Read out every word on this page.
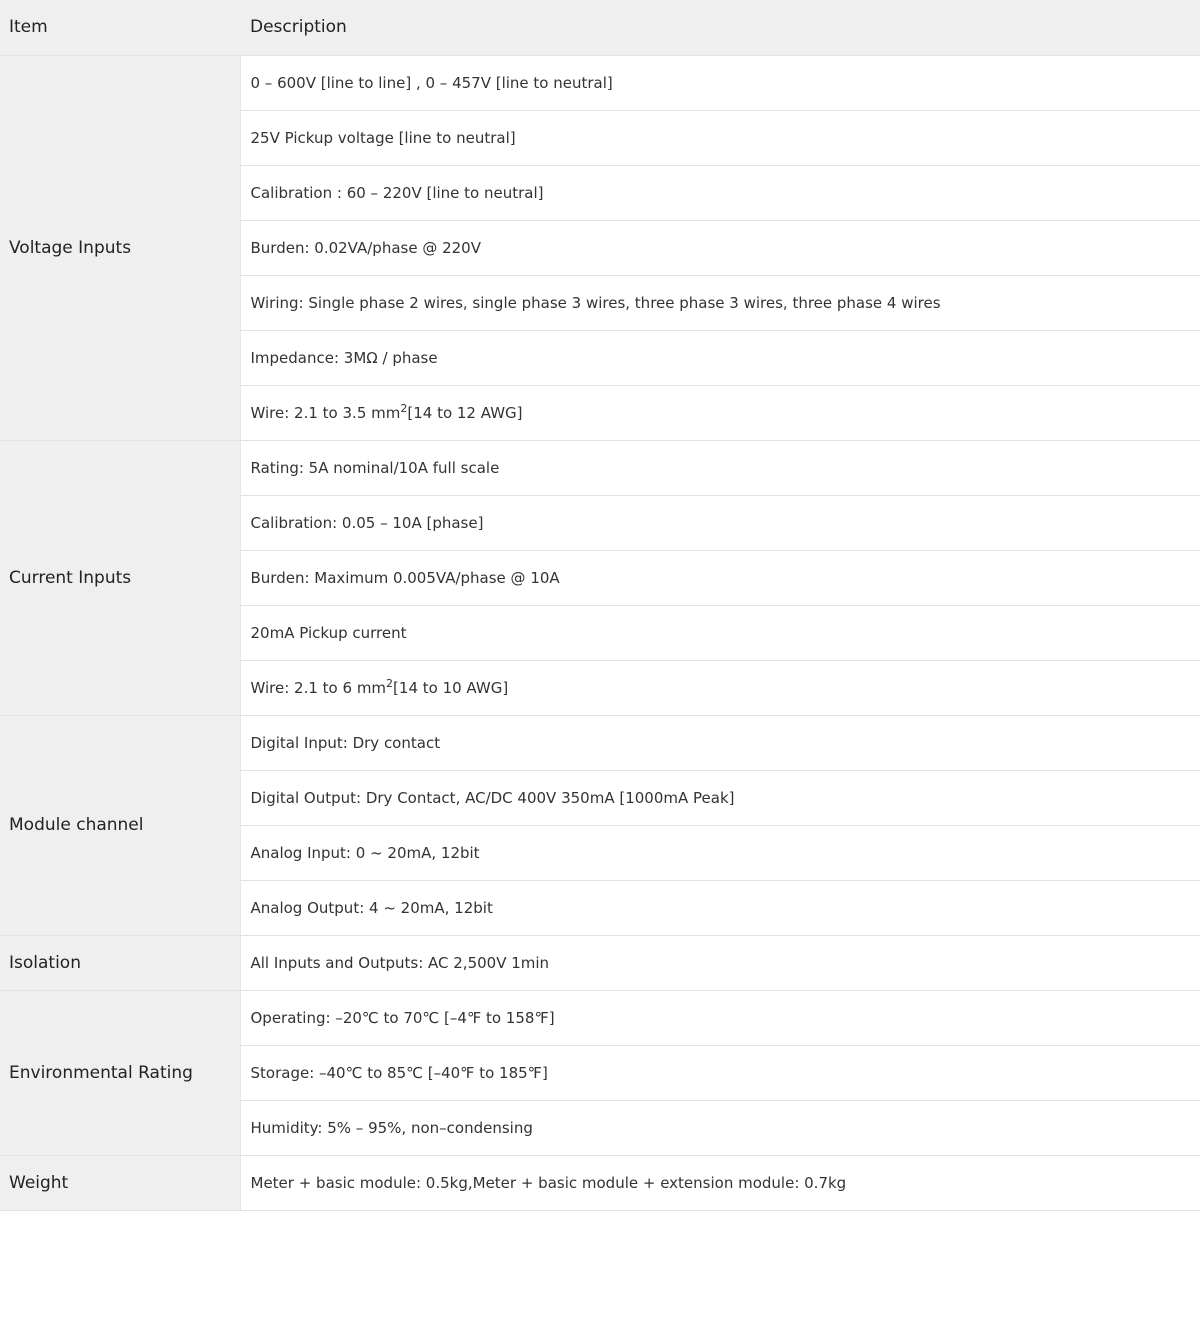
Item	Description
Voltage Inputs	0 – 600V [line to line] , 0 – 457V [line to neutral]
	25V Pickup voltage [line to neutral]
	Calibration : 60 – 220V [line to neutral]
	Burden: 0.02VA/phase @ 220V
	Wiring: Single phase 2 wires, single phase 3 wires, three phase 3 wires, three phase 4 wires
	Impedance: 3MΩ / phase
	Wire: 2.1 to 3.5 $mm^2[14$ to 12 AWG]
Current Inputs	Rating: 5A nominal/10A full scale
	Calibration: 0.05 – 10A [phase]
	Burden: Maximum 0.005VA/phase @ 10A
	20mA Pickup current
	Wire: 2.1 to 6 $mm^2[14$ to 10 AWG]
Module channel	Digital Input: Dry contact
	Digital Output: Dry Contact, AC/DC 400V 350mA [1000mA Peak]
	Analog Input: 0 ~ 20mA, 12bit
	Analog Output: 4 ~ 20mA, 12bit
Isolation	All Inputs and Outputs: AC 2,500V 1min
Environmental Rating	Operating: –20℃ to 70℃ [–4℉ to 158℉]
	Storage: –40℃ to 85℃ [–40℉ to 185℉]
	Humidity: 5% – 95%, non–condensing
Weight	Meter + basic module: 0.5kg,Meter + basic module + extension module: 0.7kg
